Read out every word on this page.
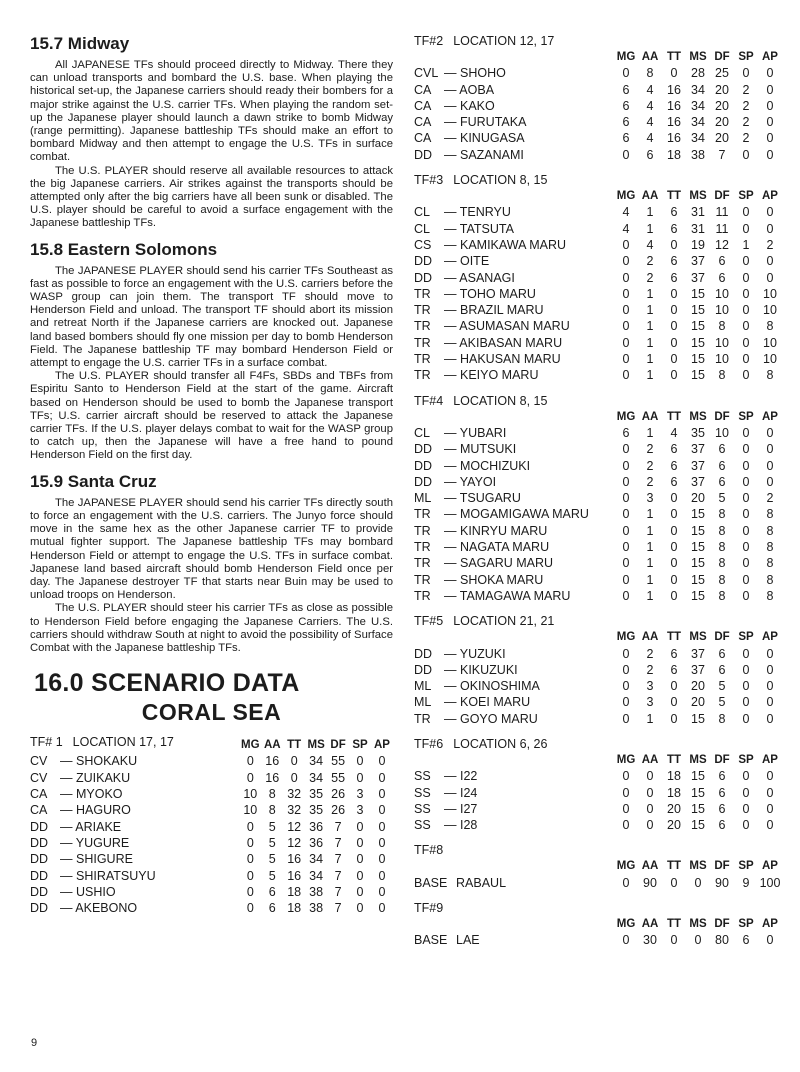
15.7 Midway

All JAPANESE TFs should proceed directly to Midway. There they can unload transports and bombard the U.S. base. When playing the historical set-up, the Japanese carriers should ready their bombers for a major strike against the U.S. carrier TFs. When playing the random set-up the Japanese player should launch a dawn strike to bomb Midway (range permitting). Japanese battleship TFs should make an effort to bombard Midway and then attempt to engage the U.S. TFs in surface combat.

The U.S. PLAYER should reserve all available resources to attack the big Japanese carriers. Air strikes against the transports should be attempted only after the big carriers have all been sunk or disabled. The U.S. player should be careful to avoid a surface engagement with the Japanese battleship TFs.

15.8 Eastern Solomons

The JAPANESE PLAYER should send his carrier TFs Southeast as fast as possible to force an engagement with the U.S. carriers before the WASP group can join them. The transport TF should move to Henderson Field and unload. The transport TF should abort its mission and retreat North if the Japanese carriers are knocked out. Japanese land based bombers should fly one mission per day to bomb Henderson Field. The Japanese battleship TF may bombard Henderson Field or attempt to engage the U.S. carrier TFs in a surface combat.

The U.S. PLAYER should transfer all F4Fs, SBDs and TBFs from Espiritu Santo to Henderson Field at the start of the game. Aircraft based on Henderson should be used to bomb the Japanese transport TFs; U.S. carrier aircraft should be reserved to attack the Japanese carrier TFs. If the U.S. player delays combat to wait for the WASP group to catch up, then the Japanese will have a free hand to pound Henderson Field on the first day.

15.9 Santa Cruz

The JAPANESE PLAYER should send his carrier TFs directly south to force an engagement with the U.S. carriers. The Junyo force should move in the same hex as the other Japanese carrier TF to provide mutual fighter support. The Japanese battleship TFs may bombard Henderson Field or attempt to engage the U.S. TFs in surface combat. Japanese land based aircraft should bomb Henderson Field once per day. The Japanese destroyer TF that starts near Buin may be used to unload troops on Henderson.

The U.S. PLAYER should steer his carrier TFs as close as possible to Henderson Field before engaging the Japanese Carriers. The U.S. carriers should withdraw South at night to avoid the possibility of Surface Combat with the Japanese battleship TFs.

16.0 SCENARIO DATA
CORAL SEA
TF# 1 LOCATION 17, 17
		MG	AA	TT	MS	DF	SP	AP
CV — SHOKAKU	0	16	0	34	55	0	0
CV — ZUIKAKU	0	16	0	34	55	0	0
CA — MYOKO	10	8	32	35	26	3	0
CA — HAGURO	10	8	32	35	26	3	0
DD — ARIAKE	0	5	12	36	7	0	0
DD — YUGURE	0	5	12	36	7	0	0
DD — SHIGURE	0	5	16	34	7	0	0
DD — SHIRATSUYU	0	5	16	34	7	0	0
DD — USHIO	0	6	18	38	7	0	0
DD — AKEBONO	0	6	18	38	7	0	0
TF#2 LOCATION 12, 17
	MG	AA	TT	MS	DF	SP	AP
CVL — SHOHO	0	8	0	28	25	0	0
CA — AOBA	6	4	16	34	20	2	0
CA — KAKO	6	4	16	34	20	2	0
CA — FURUTAKA	6	4	16	34	20	2	0
CA — KINUGASA	6	4	16	34	20	2	0
DD — SAZANAMI	0	6	18	38	7	0	0
TF#3 LOCATION 8, 15
	MG	AA	TT	MS	DF	SP	AP
CL — TENRYU	4	1	6	31	11	0	0
CL — TATSUTA	4	1	6	31	11	0	0
CS — KAMIKAWA MARU	0	4	0	19	12	1	2
DD — OITE	0	2	6	37	6	0	0
DD — ASANAGI	0	2	6	37	6	0	0
TR — TOHO MARU	0	1	0	15	10	0	10
TR — BRAZIL MARU	0	1	0	15	10	0	10
TR — ASUMASAN MARU	0	1	0	15	8	0	8
TR — AKIBASAN MARU	0	1	0	15	10	0	10
TR — HAKUSAN MARU	0	1	0	15	10	0	10
TR — KEIYO MARU	0	1	0	15	8	0	8
TF#4 LOCATION 8, 15
	MG	AA	TT	MS	DF	SP	AP
CL — YUBARI	6	1	4	35	10	0	0
DD — MUTSUKI	0	2	6	37	6	0	0
DD — MOCHIZUKI	0	2	6	37	6	0	0
DD — YAYOI	0	2	6	37	6	0	0
ML — TSUGARU	0	3	0	20	5	0	2
TR — MOGAMIGAWA MARU	0	1	0	15	8	0	8
TR — KINRYU MARU	0	1	0	15	8	0	8
TR — NAGATA MARU	0	1	0	15	8	0	8
TR — SAGARU MARU	0	1	0	15	8	0	8
TR — SHOKA MARU	0	1	0	15	8	0	8
TR — TAMAGAWA MARU	0	1	0	15	8	0	8
TF#5 LOCATION 21, 21
	MG	AA	TT	MS	DF	SP	AP
DD — YUZUKI	0	2	6	37	6	0	0
DD — KIKUZUKI	0	2	6	37	6	0	0
ML — OKINOSHIMA	0	3	0	20	5	0	0
ML — KOEI MARU	0	3	0	20	5	0	0
TR — GOYO MARU	0	1	0	15	8	0	0
TF#6 LOCATION 6, 26
	MG	AA	TT	MS	DF	SP	AP
SS — I22	0	0	18	15	6	0	0
SS — I24	0	0	18	15	6	0	0
SS — I27	0	0	20	15	6	0	0
SS — I28	0	0	20	15	6	0	0
TF#8
	MG	AA	TT	MS	DF	SP	AP
BASE RABAUL	0	90	0	0	90	9	100
TF#9
	MG	AA	TT	MS	DF	SP	AP
BASE LAE	0	30	0	0	80	6	0
9
